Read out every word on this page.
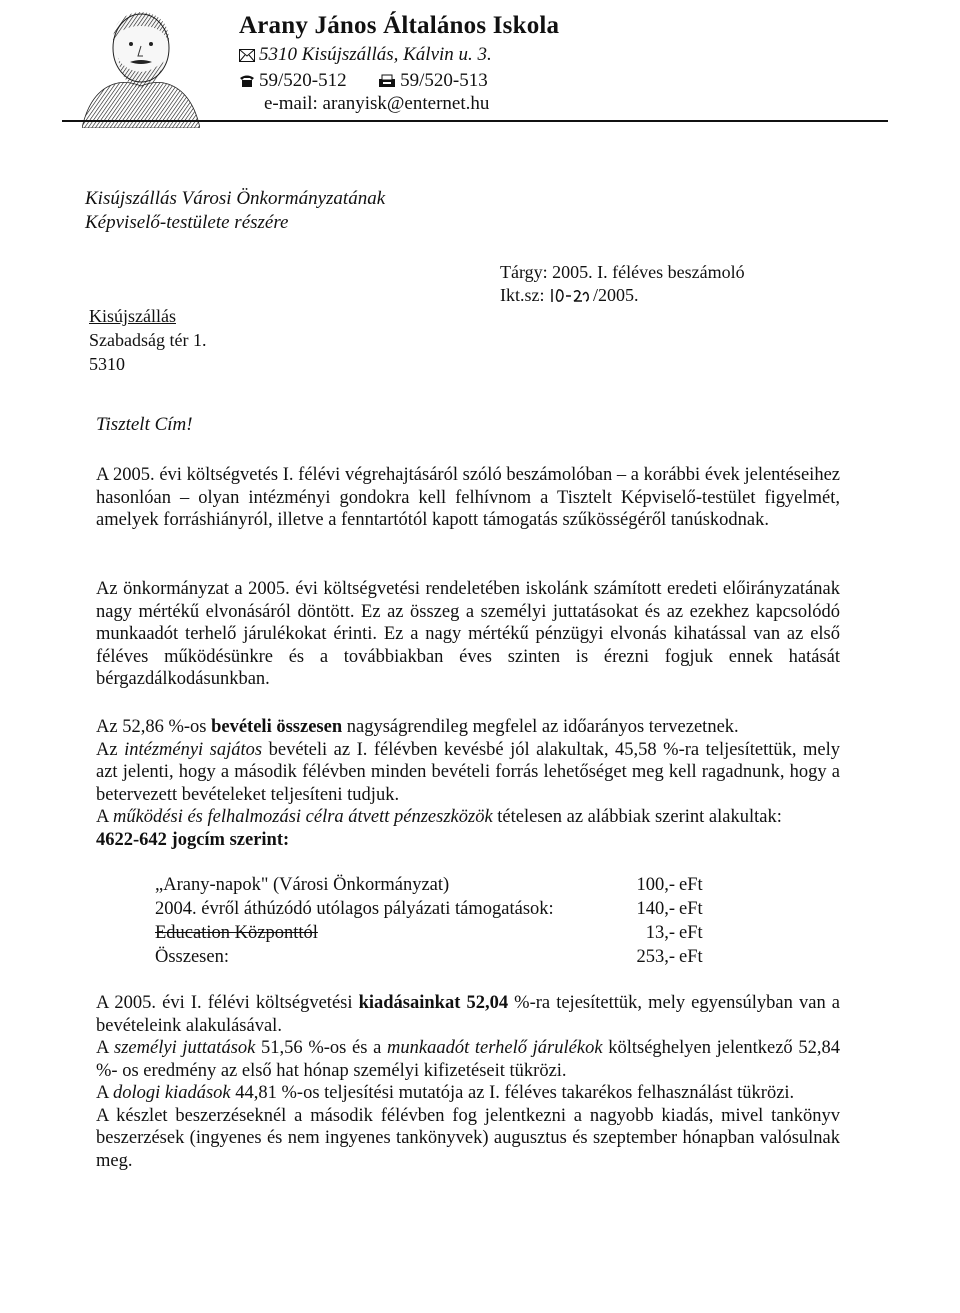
Arany János Általános Iskola
5310 Kisújszállás, Kálvin u. 3.
59/520-512	59/520-513
e-mail: aranyisk@enternet.hu
Kisújszállás Városi Önkormányzatának
Képviselő-testülete részére
Kisújszállás
Szabadság tér 1.
5310
Tárgy: 2005. I. féléves beszámoló
Ikt.sz:	/2005.
Tisztelt Cím!

A 2005. évi költségvetés I. félévi végrehajtásáról szóló beszámolóban – a korábbi évek jelentéseihez hasonlóan – olyan intézményi gondokra kell felhívnom a Tisztelt Képviselő-testület figyelmét, amelyek forráshiányról, illetve a fenntartótól kapott támogatás szűkösségéről tanúskodnak.

Az önkormányzat a 2005. évi költségvetési rendeletében iskolánk számított eredeti előirányzatának nagy mértékű elvonásáról döntött. Ez az összeg a személyi juttatásokat és az ezekhez kapcsolódó munkaadót terhelő járulékokat érinti. Ez a nagy mértékű pénzügyi elvonás kihatással van az első féléves működésünkre és a továbbiakban éves szinten is érezni fogjuk ennek hatását bérgazdálkodásunkban.

Az 52,86 %-os bevételi összesen nagyságrendileg megfelel az időarányos tervezetnek.

Az intézményi sajátos bevételi az I. félévben kevésbé jól alakultak, 45,58 %-ra teljesítettük, mely azt jelenti, hogy a második félévben minden bevételi forrás lehetőséget meg kell ragadnunk, hogy a betervezett bevételeket teljesíteni tudjuk.

A működési és felhalmozási célra átvett pénzeszközök tételesen az alábbiak szerint alakultak:

4622-642 jogcím szerint:

„Arany-napok" (Városi Önkormányzat)	100,- eFt
2004. évről áthúzódó utólagos pályázati támogatások:	140,- eFt
Education Központtól	13,- eFt
Összesen:	253,- eFt

A 2005. évi I. félévi költségvetési kiadásainkat 52,04 %-ra tejesítettük, mely egyensúlyban van a bevételeink alakulásával.

A személyi juttatások 51,56 %-os és a munkaadót terhelő járulékok költséghelyen jelentkező 52,84 %- os eredmény az első hat hónap személyi kifizetéseit tükrözi.

A dologi kiadások 44,81 %-os teljesítési mutatója az I. féléves takarékos felhasználást tükrözi.

A készlet beszerzéseknél a második félévben fog jelentkezni a nagyobb kiadás, mivel tankönyv beszerzések (ingyenes és nem ingyenes tankönyvek) augusztus és szeptember hónapban valósulnak meg.
